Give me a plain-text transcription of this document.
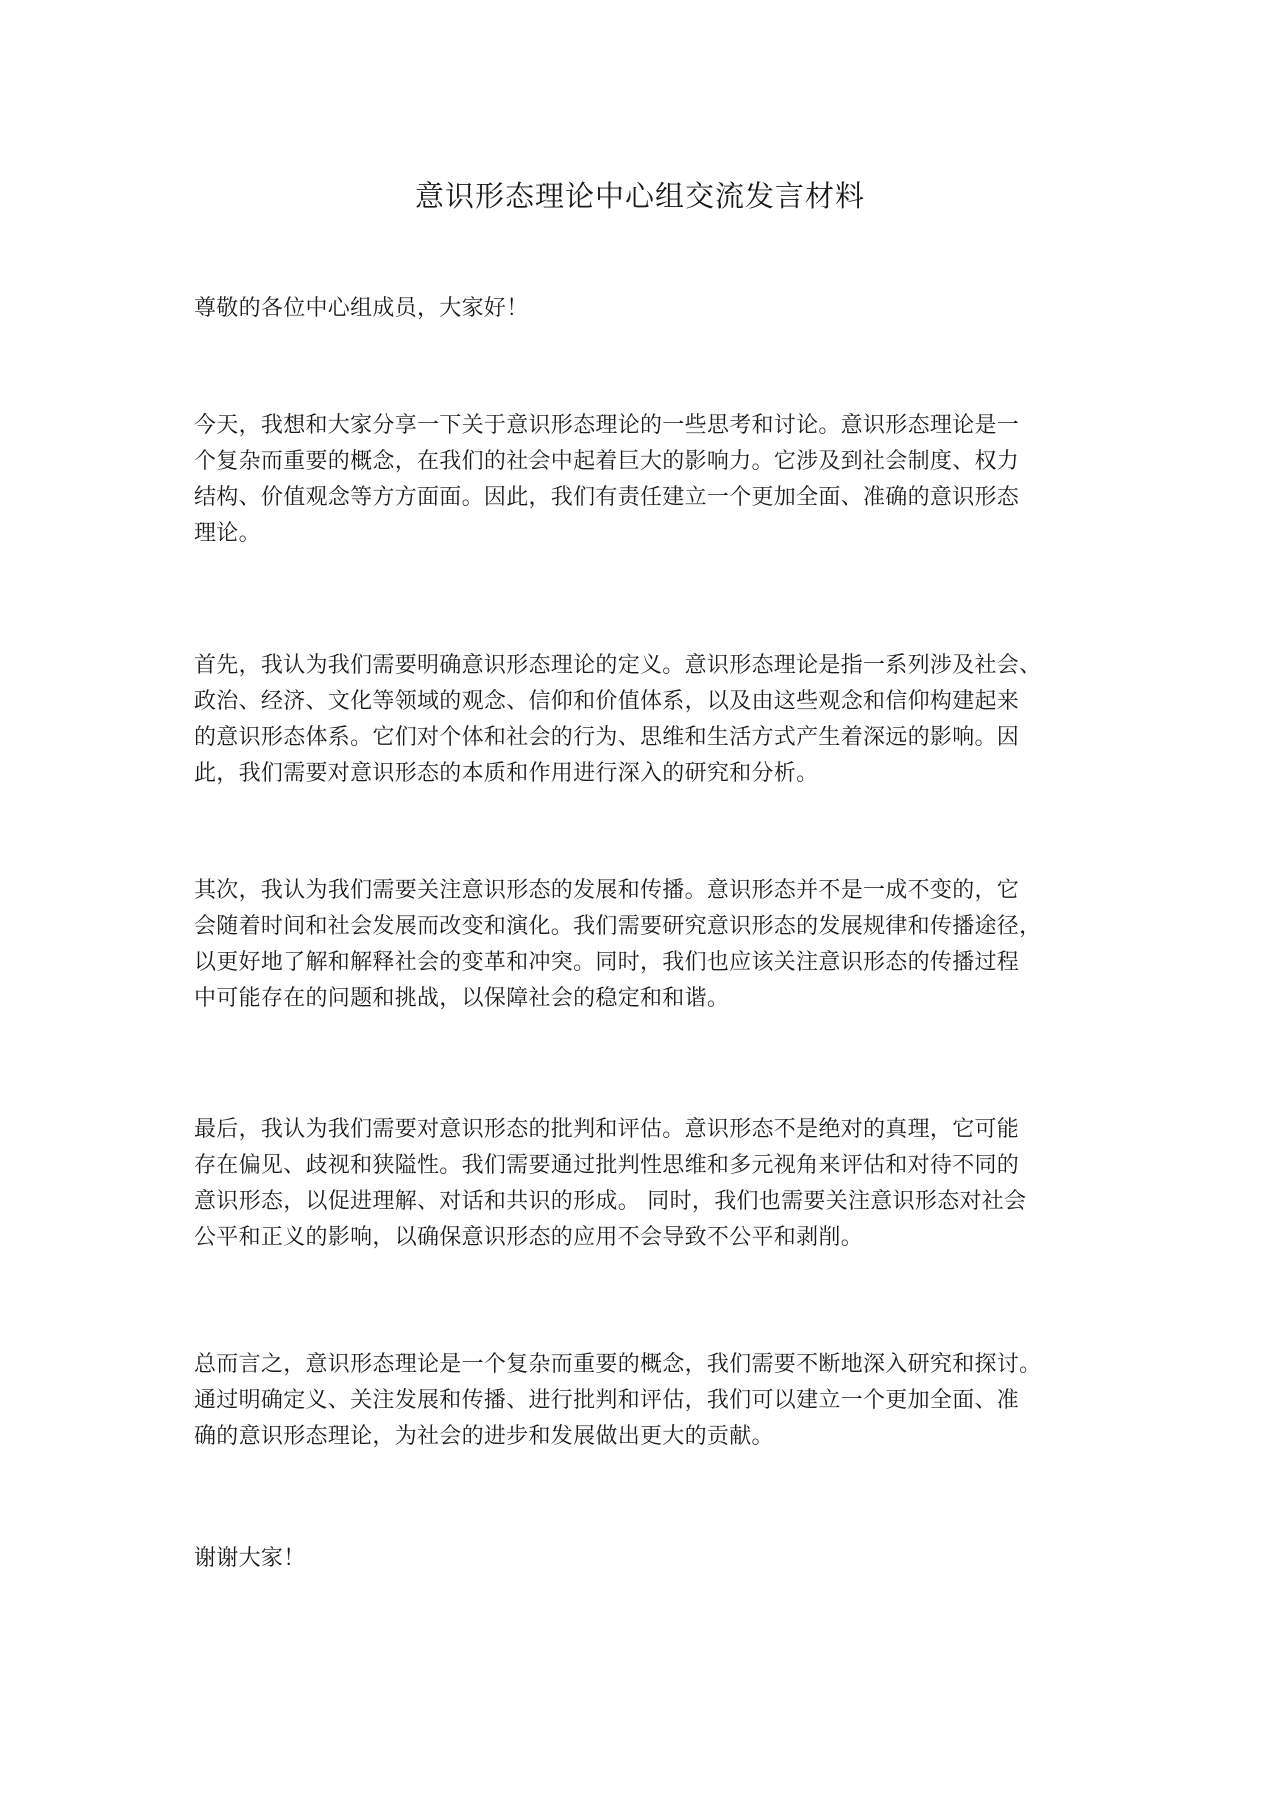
意识形态理论中心组交流发言材料

尊敬的各位中心组成员，大家好！

今天，我想和大家分享一下关于意识形态理论的一些思考和讨论。意识形态理论是一
个复杂而重要的概念，在我们的社会中起着巨大的影响力。它涉及到社会制度、权力
结构、价值观念等方方面面。因此，我们有责任建立一个更加全面、准确的意识形态
理论。

首先，我认为我们需要明确意识形态理论的定义。意识形态理论是指一系列涉及社会、
政治、经济、文化等领域的观念、信仰和价值体系，以及由这些观念和信仰构建起来
的意识形态体系。它们对个体和社会的行为、思维和生活方式产生着深远的影响。因
此，我们需要对意识形态的本质和作用进行深入的研究和分析。

其次，我认为我们需要关注意识形态的发展和传播。意识形态并不是一成不变的，它
会随着时间和社会发展而改变和演化。我们需要研究意识形态的发展规律和传播途径，
以更好地了解和解释社会的变革和冲突。同时，我们也应该关注意识形态的传播过程
中可能存在的问题和挑战，以保障社会的稳定和和谐。

最后，我认为我们需要对意识形态的批判和评估。意识形态不是绝对的真理，它可能
存在偏见、歧视和狭隘性。我们需要通过批判性思维和多元视角来评估和对待不同的
意识形态，以促进理解、对话和共识的形成。 同时，我们也需要关注意识形态对社会
公平和正义的影响，以确保意识形态的应用不会导致不公平和剥削。

总而言之，意识形态理论是一个复杂而重要的概念，我们需要不断地深入研究和探讨。
通过明确定义、关注发展和传播、进行批判和评估，我们可以建立一个更加全面、准
确的意识形态理论，为社会的进步和发展做出更大的贡献。

谢谢大家！
